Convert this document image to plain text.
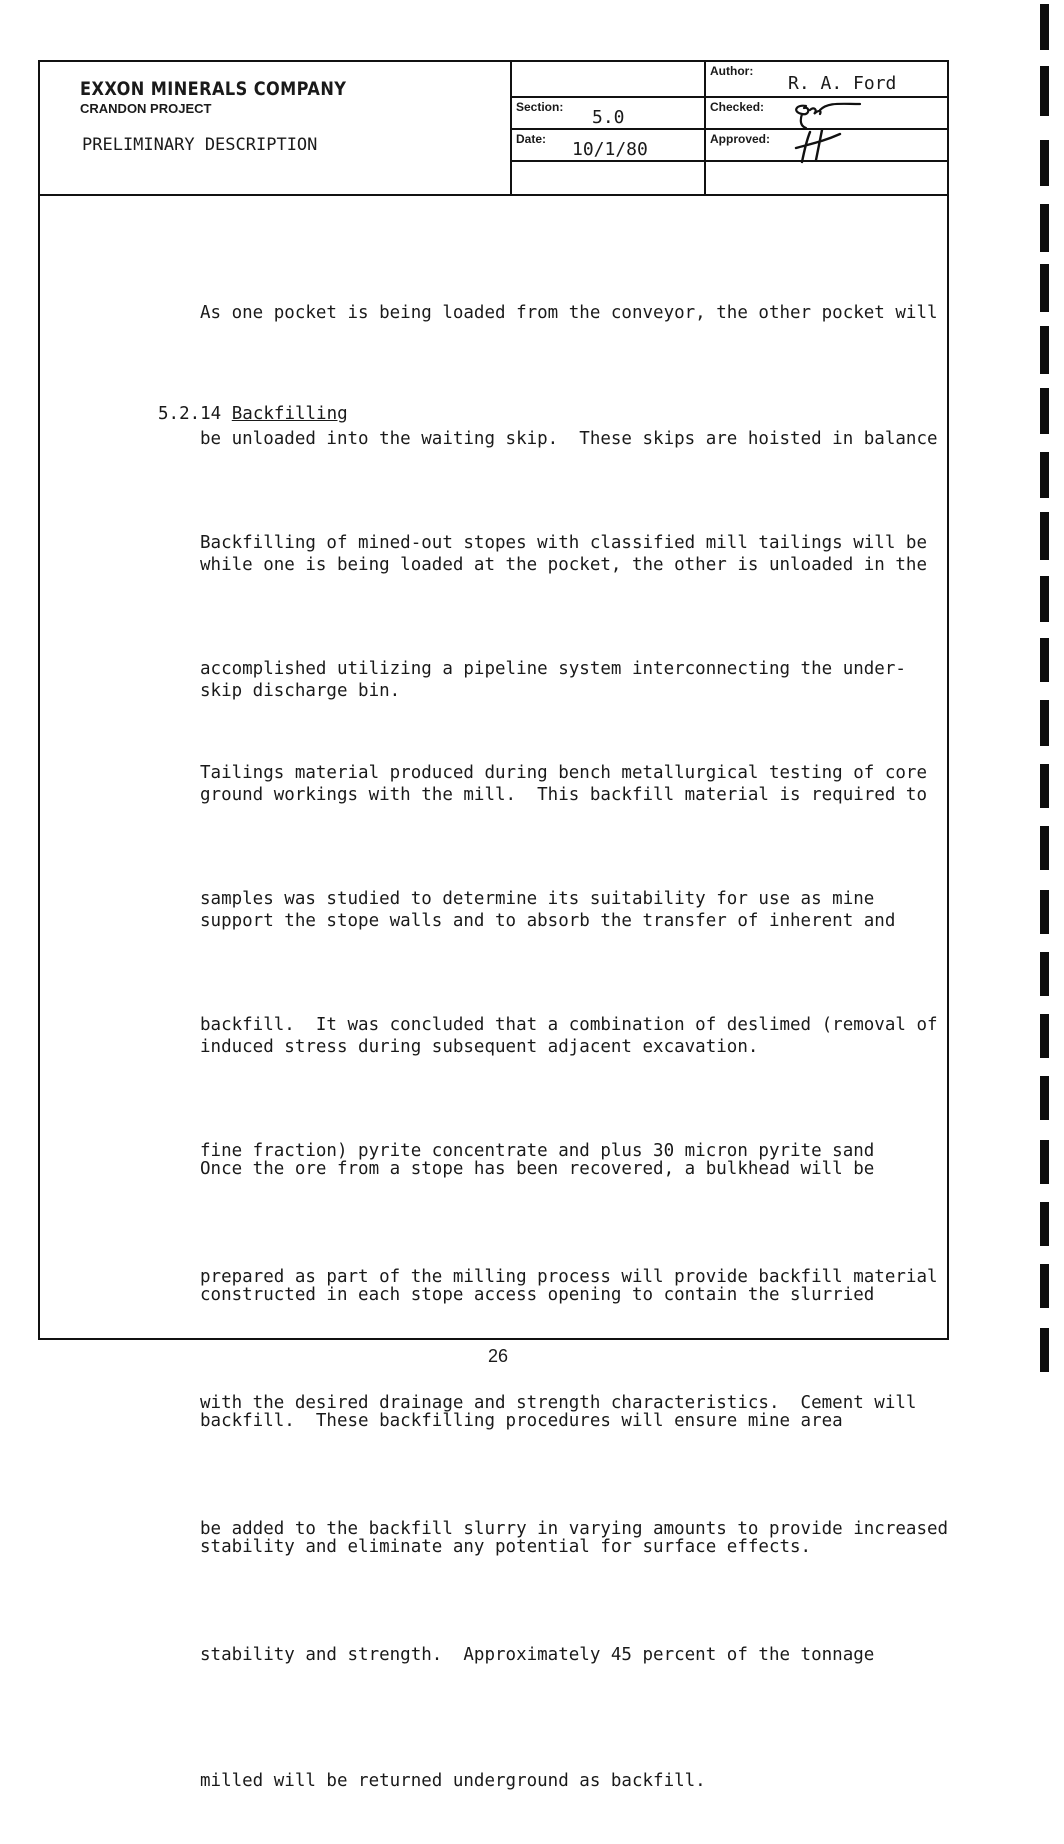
EXXON MINERALS COMPANY
CRANDON PROJECT
PRELIMINARY DESCRIPTION
Section: 5.0
Date: 10/1/80
Author:
R. A. Ford
Checked:
Approved:

As one pocket is being loaded from the conveyor, the other pocket will

be unloaded into the waiting skip.  These skips are hoisted in balance

while one is being loaded at the pocket, the other is unloaded in the

skip discharge bin.

5.2.14 Backfilling

Backfilling of mined-out stopes with classified mill tailings will be

accomplished utilizing a pipeline system interconnecting the under-

ground workings with the mill.  This backfill material is required to

support the stope walls and to absorb the transfer of inherent and

induced stress during subsequent adjacent excavation.

Tailings material produced during bench metallurgical testing of core

samples was studied to determine its suitability for use as mine

backfill.  It was concluded that a combination of deslimed (removal of

fine fraction) pyrite concentrate and plus 30 micron pyrite sand

prepared as part of the milling process will provide backfill material

with the desired drainage and strength characteristics.  Cement will

be added to the backfill slurry in varying amounts to provide increased

stability and strength.  Approximately 45 percent of the tonnage

milled will be returned underground as backfill.

Once the ore from a stope has been recovered, a bulkhead will be

constructed in each stope access opening to contain the slurried

backfill.  These backfilling procedures will ensure mine area

stability and eliminate any potential for surface effects.

26
